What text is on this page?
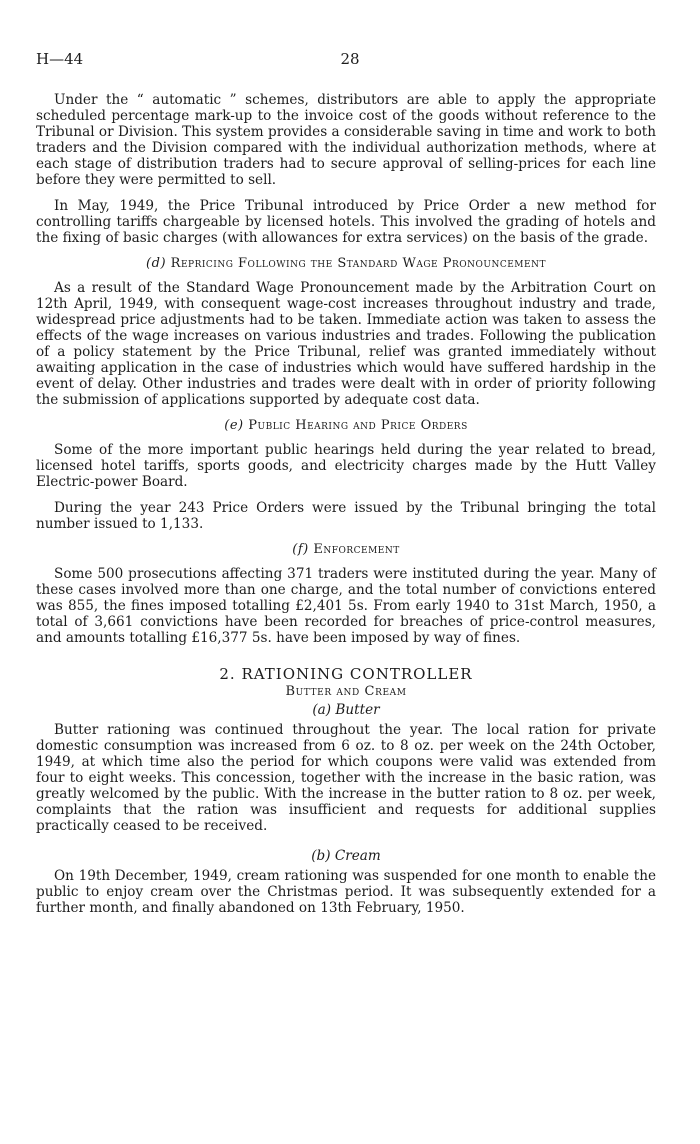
H—44	28

Under the “ automatic ” schemes, distributors are able to apply the appropriate scheduled percentage mark-up to the invoice cost of the goods without reference to the Tribunal or Division. This system provides a considerable saving in time and work to both traders and the Division compared with the individual authorization methods, where at each stage of distribution traders had to secure approval of selling-prices for each line before they were permitted to sell.

In May, 1949, the Price Tribunal introduced by Price Order a new method for controlling tariffs chargeable by licensed hotels. This involved the grading of hotels and the fixing of basic charges (with allowances for extra services) on the basis of the grade.

(d) Repricing Following the Standard Wage Pronouncement

As a result of the Standard Wage Pronouncement made by the Arbitration Court on 12th April, 1949, with consequent wage-cost increases throughout industry and trade, widespread price adjustments had to be taken. Immediate action was taken to assess the effects of the wage increases on various industries and trades. Following the publication of a policy statement by the Price Tribunal, relief was granted immediately without awaiting application in the case of industries which would have suffered hardship in the event of delay. Other industries and trades were dealt with in order of priority following the submission of applications supported by adequate cost data.

(e) Public Hearing and Price Orders

Some of the more important public hearings held during the year related to bread, licensed hotel tariffs, sports goods, and electricity charges made by the Hutt Valley Electric-power Board.

During the year 243 Price Orders were issued by the Tribunal bringing the total number issued to 1,133.

(f) Enforcement

Some 500 prosecutions affecting 371 traders were instituted during the year. Many of these cases involved more than one charge, and the total number of convictions entered was 855, the fines imposed totalling £2,401 5s. From early 1940 to 31st March, 1950, a total of 3,661 convictions have been recorded for breaches of price-control measures, and amounts totalling £16,377 5s. have been imposed by way of fines.

2. RATIONING CONTROLLER
Butter and Cream
(a) Butter

Butter rationing was continued throughout the year. The local ration for private domestic consumption was increased from 6 oz. to 8 oz. per week on the 24th October, 1949, at which time also the period for which coupons were valid was extended from four to eight weeks. This concession, together with the increase in the basic ration, was greatly welcomed by the public. With the increase in the butter ration to 8 oz. per week, complaints that the ration was insufficient and requests for additional supplies practically ceased to be received.

(b) Cream

On 19th December, 1949, cream rationing was suspended for one month to enable the public to enjoy cream over the Christmas period. It was subsequently extended for a further month, and finally abandoned on 13th February, 1950.
